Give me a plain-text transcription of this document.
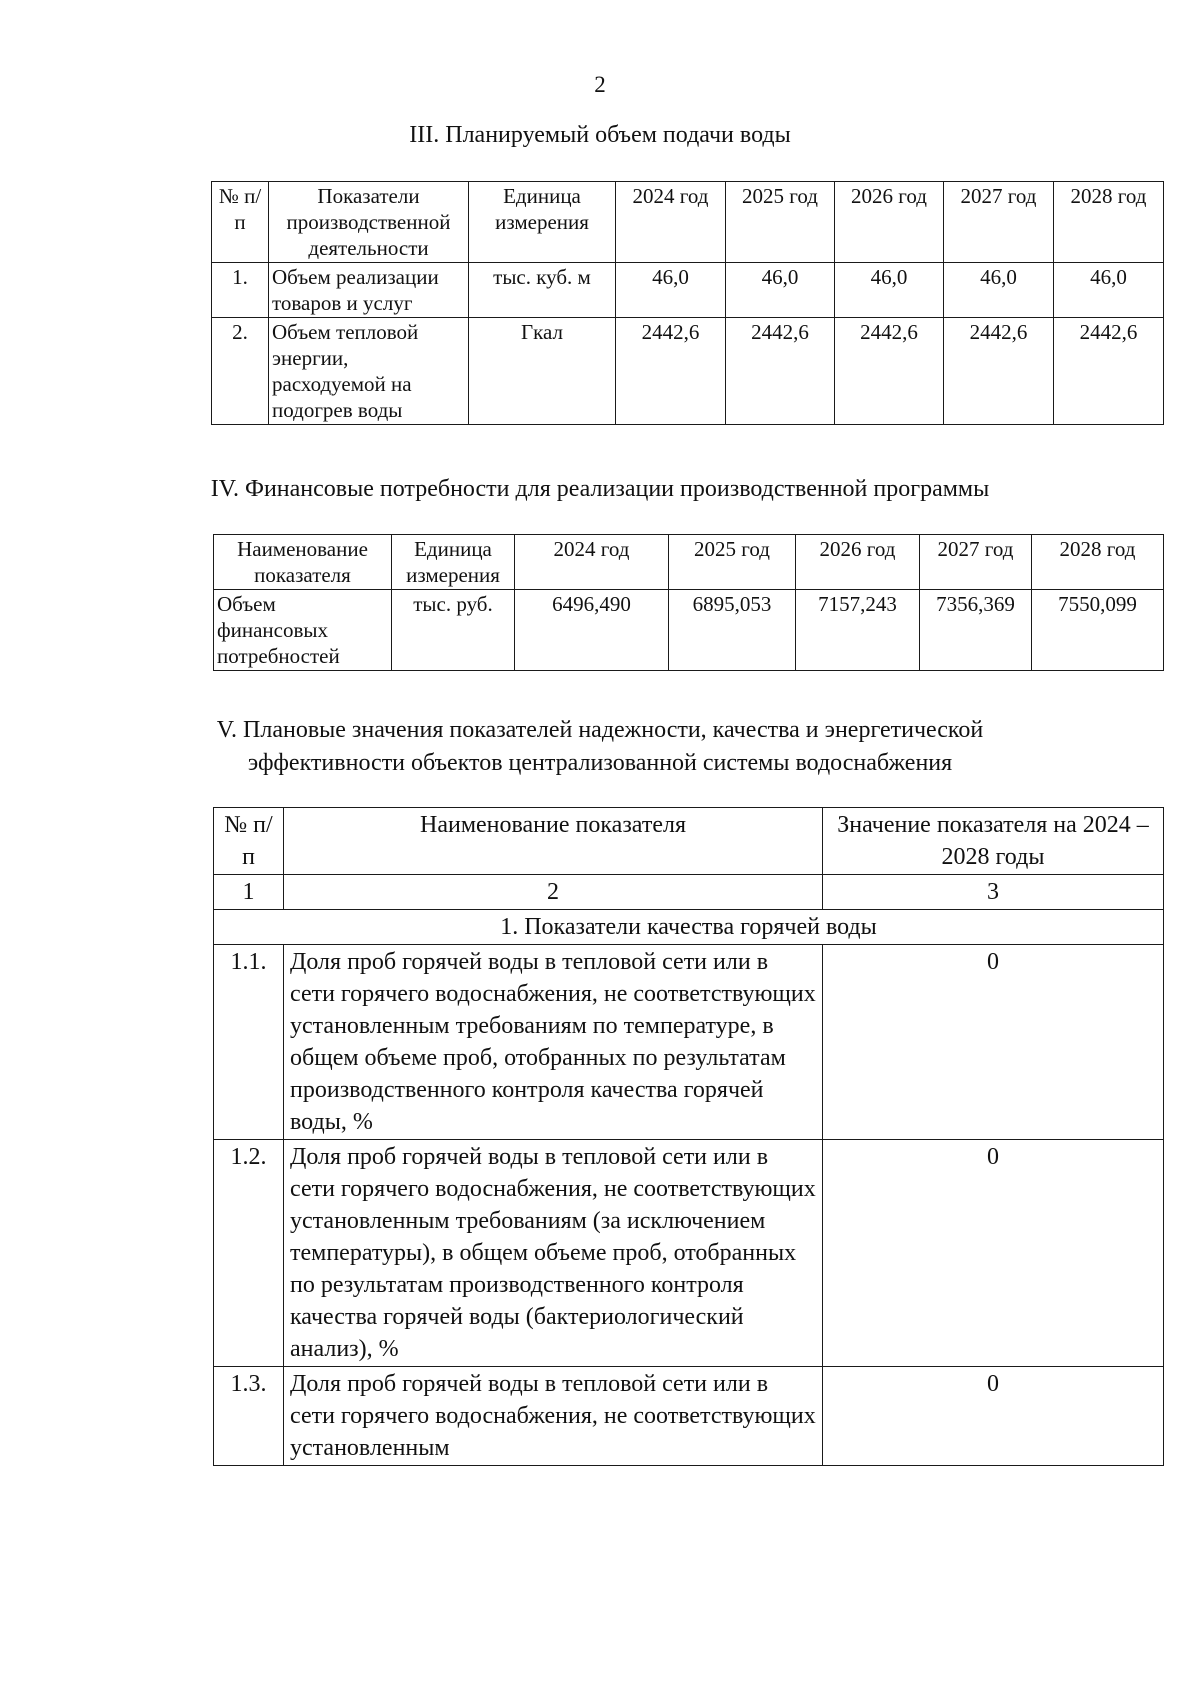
2
III. Планируемый объем подачи воды
№ п/п	Показатели производственной деятельности	Единица измерения	2024 год	2025 год	2026 год	2027 год	2028 год
1.	Объем реализации товаров и услуг	тыс. куб. м	46,0	46,0	46,0	46,0	46,0
2.	Объем тепловой энергии, расходуемой на подогрев воды	Гкал	2442,6	2442,6	2442,6	2442,6	2442,6
IV. Финансовые потребности для реализации производственной программы
Наименование показателя	Единица измерения	2024 год	2025 год	2026 год	2027 год	2028 год
Объем финансовых потребностей	тыс. руб.	6496,490	6895,053	7157,243	7356,369	7550,099
V. Плановые значения показателей надежности, качества и энергетической
эффективности объектов централизованной системы водоснабжения
№ п/п	Наименование показателя	Значение показателя на 2024 – 2028 годы
1	2	3
1. Показатели качества горячей воды		
1.1.	Доля проб горячей воды в тепловой сети или в сети горячего водоснабжения, не соответствующих установленным требованиям по температуре, в общем объеме проб, отобранных по результатам производственного контроля качества горячей воды, %	0
1.2.	Доля проб горячей воды в тепловой сети или в сети горячего водоснабжения, не соответствующих установленным требованиям (за исключением температуры), в общем объеме проб, отобранных по результатам производственного контроля качества горячей воды (бактериологический анализ), %	0
1.3.	Доля проб горячей воды в тепловой сети или в сети горячего водоснабжения, не соответствующих установленным	0
